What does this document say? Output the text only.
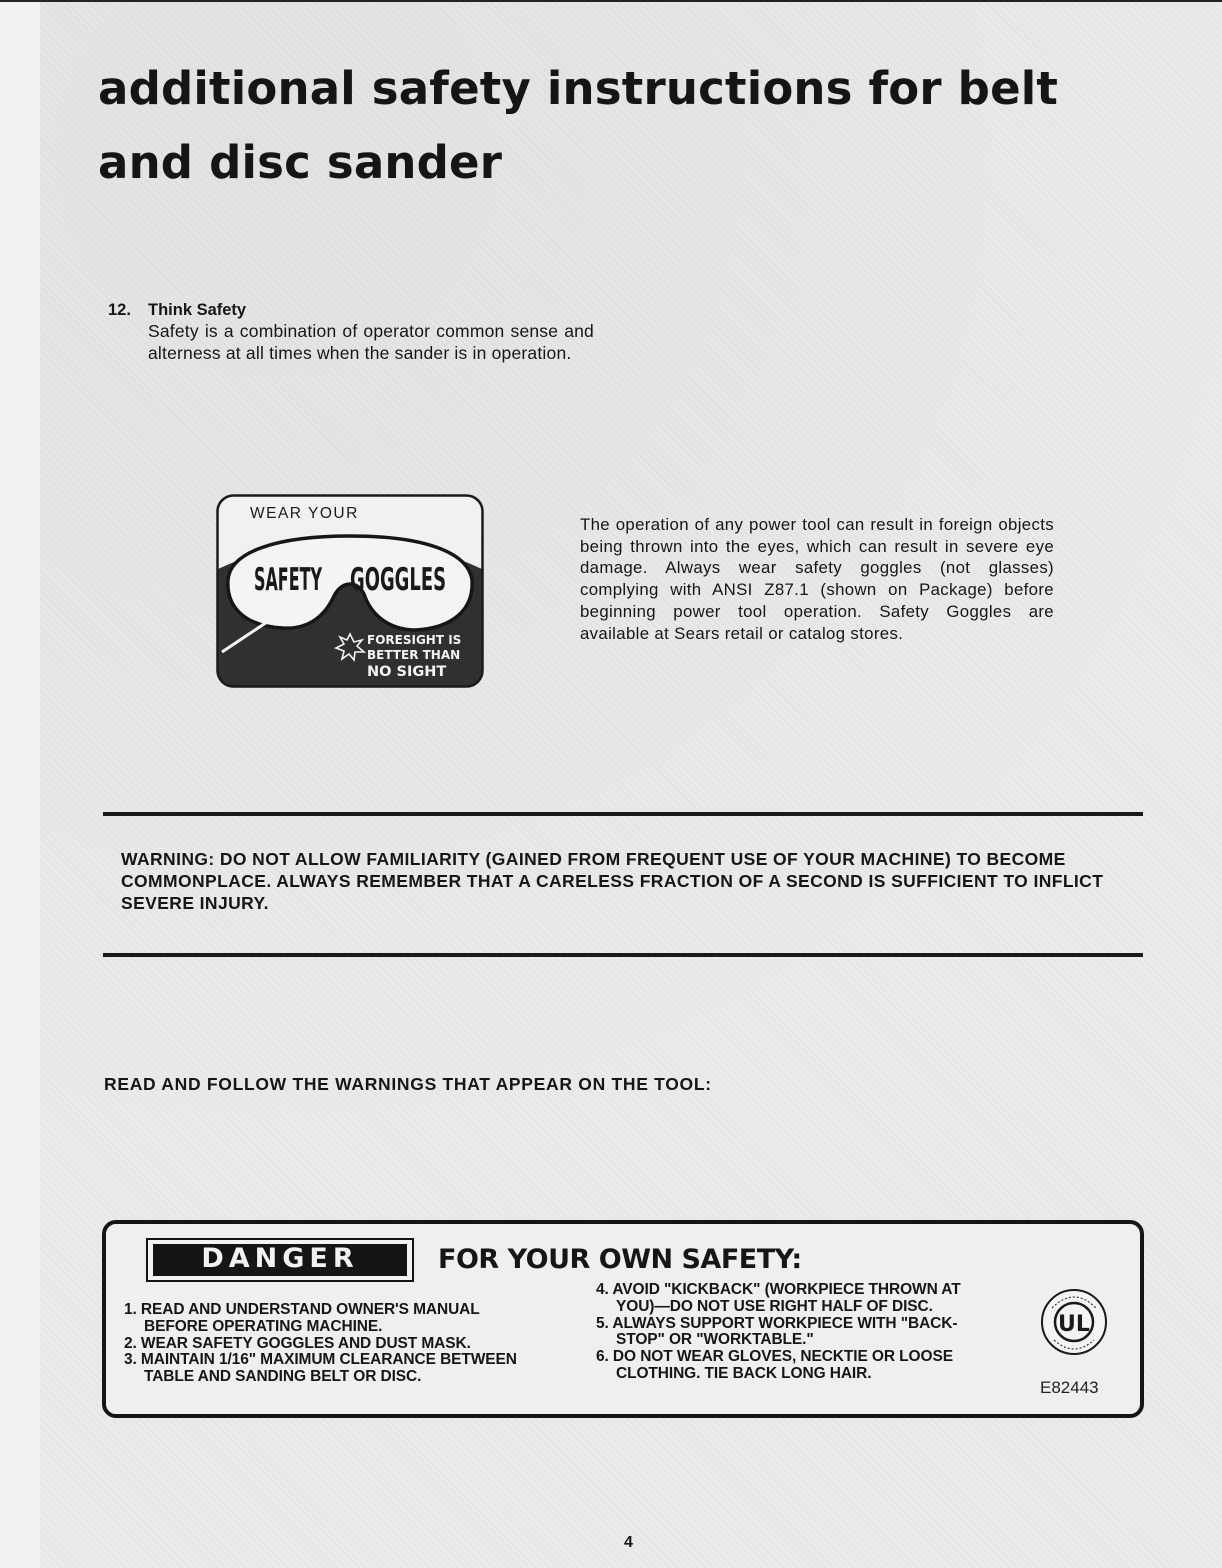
additional safety instructions for belt and disc sander
12. Think Safety
Safety is a combination of operator common sense and alterness at all times when the sander is in operation.
WEAR YOUR
SAFETY GOGGLES
FORESIGHT IS
BETTER THAN
NO SIGHT
The operation of any power tool can result in foreign objects being thrown into the eyes, which can result in severe eye damage. Always wear safety goggles (not glasses) complying with ANSI Z87.1 (shown on Package) before beginning power tool operation. Safety Goggles are available at Sears retail or catalog stores.
WARNING: DO NOT ALLOW FAMILIARITY (GAINED FROM FREQUENT USE OF YOUR MACHINE) TO BECOME COMMONPLACE. ALWAYS REMEMBER THAT A CARELESS FRACTION OF A SECOND IS SUFFICIENT TO INFLICT SEVERE INJURY.
READ AND FOLLOW THE WARNINGS THAT APPEAR ON THE TOOL:
DANGER	FOR YOUR OWN SAFETY:
1. READ AND UNDERSTAND OWNER'S MANUAL
BEFORE OPERATING MACHINE.
2. WEAR SAFETY GOGGLES AND DUST MASK.
3. MAINTAIN 1/16" MAXIMUM CLEARANCE BETWEEN
TABLE AND SANDING BELT OR DISC.
4. AVOID "KICKBACK" (WORKPIECE THROWN AT
YOU)—DO NOT USE RIGHT HALF OF DISC.
5. ALWAYS SUPPORT WORKPIECE WITH "BACK-
STOP" OR "WORKTABLE."
6. DO NOT WEAR GLOVES, NECKTIE OR LOOSE
CLOTHING. TIE BACK LONG HAIR.
UL
E82443
4
